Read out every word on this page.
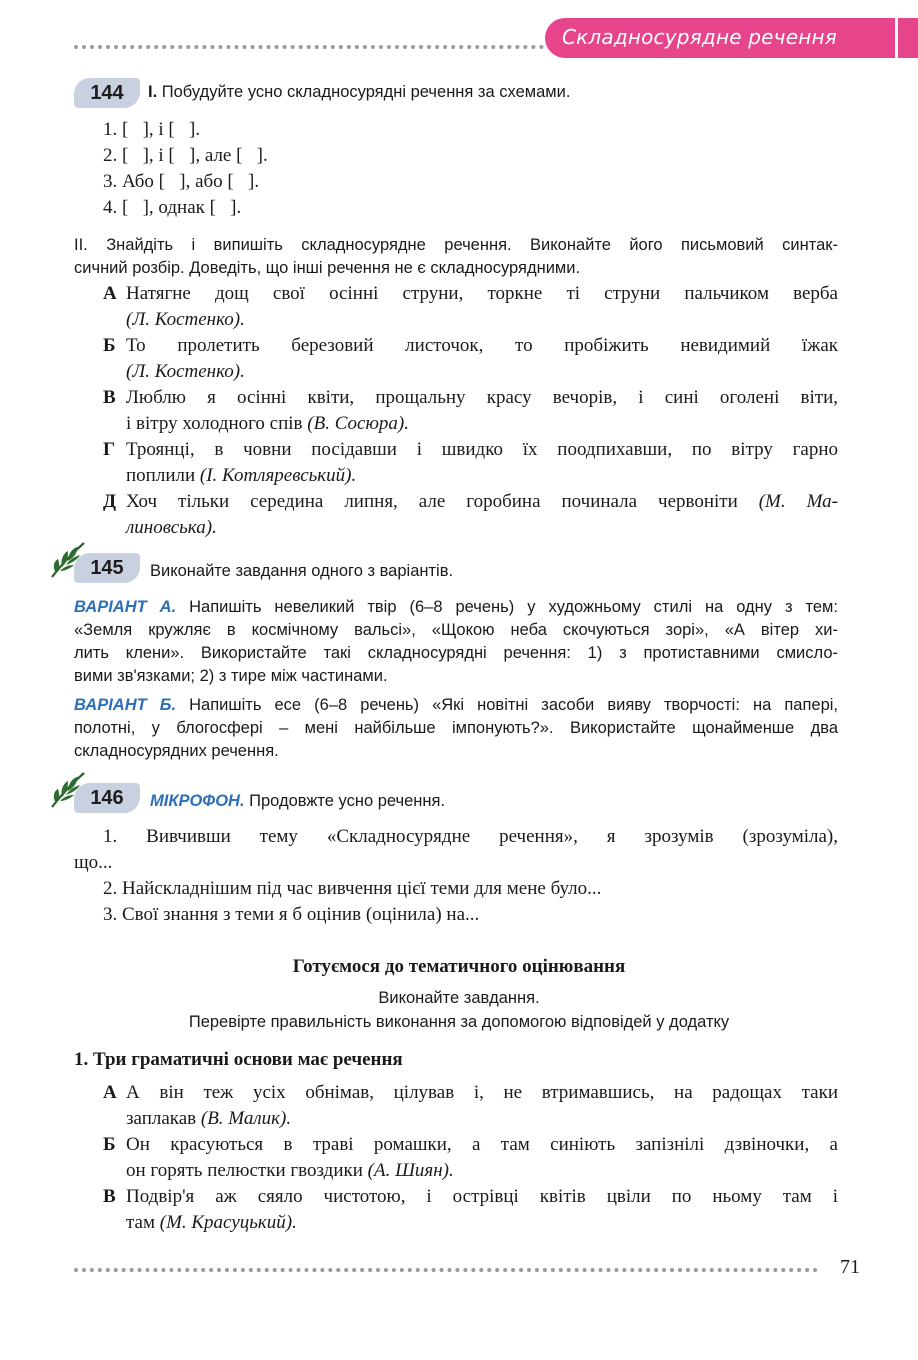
Складносурядне речення
144	I. Побудуйте усно складносурядні речення за схемами.
1. [   ], і [   ].
2. [   ], і [   ], але [   ].
3. Або [   ], або [   ].
4. [   ], однак [   ].
II. Знайдіть і випишіть складносурядне речення. Виконайте його письмовий синтак-
сичний розбір. Доведіть, що інші речення не є складносурядними.
А Натягне дощ свої осінні струни, торкне ті струни пальчиком верба
(Л. Костенко).
Б То пролетить березовий листочок, то пробіжить невидимий їжак
(Л. Костенко).
В Люблю я осінні квіти, прощальну красу вечорів, і сині оголені віти,
і вітру холодного спів (В. Сосюра).
Г Троянці, в човни посідавши і швидко їх поодпихавши, по вітру гарно
поплили (І. Котляревський).
Д Хоч тільки середина липня, але горобина починала червоніти (М. Ма-
линовська).
145	Виконайте завдання одного з варіантів.
ВАРІАНТ А. Напишіть невеликий твір (6–8 речень) у художньому стилі на одну з тем:
«Земля кружляє в космічному вальсі», «Щокою неба скочуються зорі», «А вітер хи-
лить клени». Використайте такі складносурядні речення: 1) з протиставними смисло-
вими зв'язками; 2) з тире між частинами.
ВАРІАНТ Б. Напишіть есе (6–8 речень) «Які новітні засоби вияву творчості: на папері,
полотні, у блогосфері – мені найбільше імпонують?». Використайте щонайменше два
складносурядних речення.
146	МІКРОФОН. Продовжте усно речення.
1. Вивчивши тему «Складносурядне речення», я зрозумів (зрозуміла),
що...
2. Найскладнішим під час вивчення цієї теми для мене було...
3. Свої знання з теми я б оцінив (оцінила) на...
Готуємося до тематичного оцінювання
Виконайте завдання.
Перевірте правильність виконання за допомогою відповідей у додатку
1. Три граматичні основи має речення
А А він теж усіх обнімав, цілував і, не втримавшись, на радощах таки
заплакав (В. Малик).
Б Он красуються в траві ромашки, а там синіють запізнілі дзвіночки, а
он горять пелюстки гвоздики (А. Шиян).
В Подвір'я аж сяяло чистотою, і острівці квітів цвіли по ньому там і
там (М. Красуцький).
71
